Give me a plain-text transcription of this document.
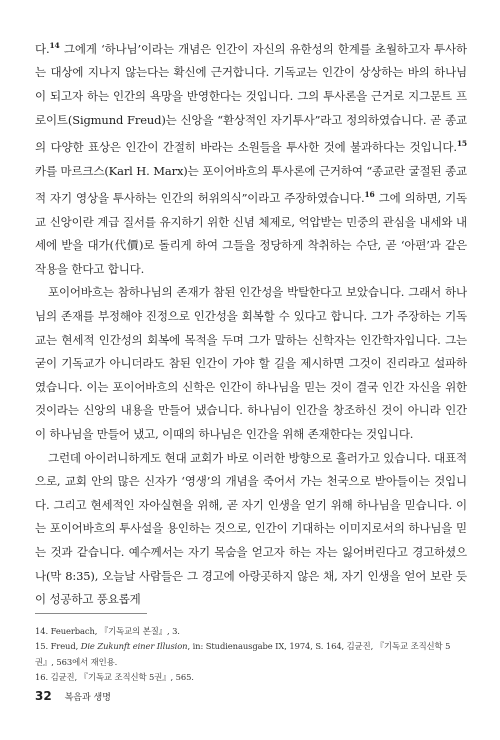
다.$^{14}$ 그에게 ‘하나님’이라는 개념은 인간이 자신의 유한성의 한계를 초월하고자 투사하는 대상에 지나지 않는다는 확신에 근거합니다. 기독교는 인간이 상상하는 바의 하나님이 되고자 하는 인간의 욕망을 반영한다는 것입니다. 그의 투사론을 근거로 지그문트 프로이트(Sigmund Freud)는 신앙을 “환상적인 자기투사”라고 정의하였습니다. 곧 종교의 다양한 표상은 인간이 간절히 바라는 소원들을 투사한 것에 불과하다는 것입니다.$^{15}$ 카를 마르크스(Karl H. Marx)는 포이어바흐의 투사론에 근거하여 “종교란 굴절된 종교적 자기 영상을 투사하는 인간의 허위의식”이라고 주장하였습니다.$^{16}$ 그에 의하면, 기독교 신앙이란 계급 질서를 유지하기 위한 신념 체제로, 억압받는 민중의 관심을 내세와 내세에 받을 대가(代價)로 돌리게 하여 그들을 정당하게 착취하는 수단, 곧 ‘아편’과 같은 작용을 한다고 합니다.

포이어바흐는 참하나님의 존재가 참된 인간성을 박탈한다고 보았습니다. 그래서 하나님의 존재를 부정해야 진정으로 인간성을 회복할 수 있다고 합니다. 그가 주장하는 기독교는 현세적 인간성의 회복에 목적을 두며 그가 말하는 신학자는 인간학자입니다. 그는 굳이 기독교가 아니더라도 참된 인간이 가야 할 길을 제시하면 그것이 진리라고 설파하였습니다. 이는 포이어바흐의 신학은 인간이 하나님을 믿는 것이 결국 인간 자신을 위한 것이라는 신앙의 내용을 만들어 냈습니다. 하나님이 인간을 창조하신 것이 아니라 인간이 하나님을 만들어 냈고, 이때의 하나님은 인간을 위해 존재한다는 것입니다.

그런데 아이러니하게도 현대 교회가 바로 이러한 방향으로 흘러가고 있습니다. 대표적으로, 교회 안의 많은 신자가 ‘영생’의 개념을 죽어서 가는 천국으로 받아들이는 것입니다. 그리고 현세적인 자아실현을 위해, 곧 자기 인생을 얻기 위해 하나님을 믿습니다. 이는 포이어바흐의 투사설을 용인하는 것으로, 인간이 기대하는 이미지로서의 하나님을 믿는 것과 같습니다. 예수께서는 자기 목숨을 얻고자 하는 자는 잃어버린다고 경고하셨으나(막 8:35), 오늘날 사람들은 그 경고에 아랑곳하지 않은 채, 자기 인생을 얻어 보란 듯이 성공하고 풍요롭게

14. Feuerbach, 『기독교의 본질』, 3.
15. Freud, Die Zukunft einer Illusion, in: Studienausgabe IX, 1974, S. 164, 김균진, 『기독교 조직신학 5권』, 563에서 재인용.
16. 김균진, 『기독교 조직신학 5권』, 565.
32 복음과 생명
